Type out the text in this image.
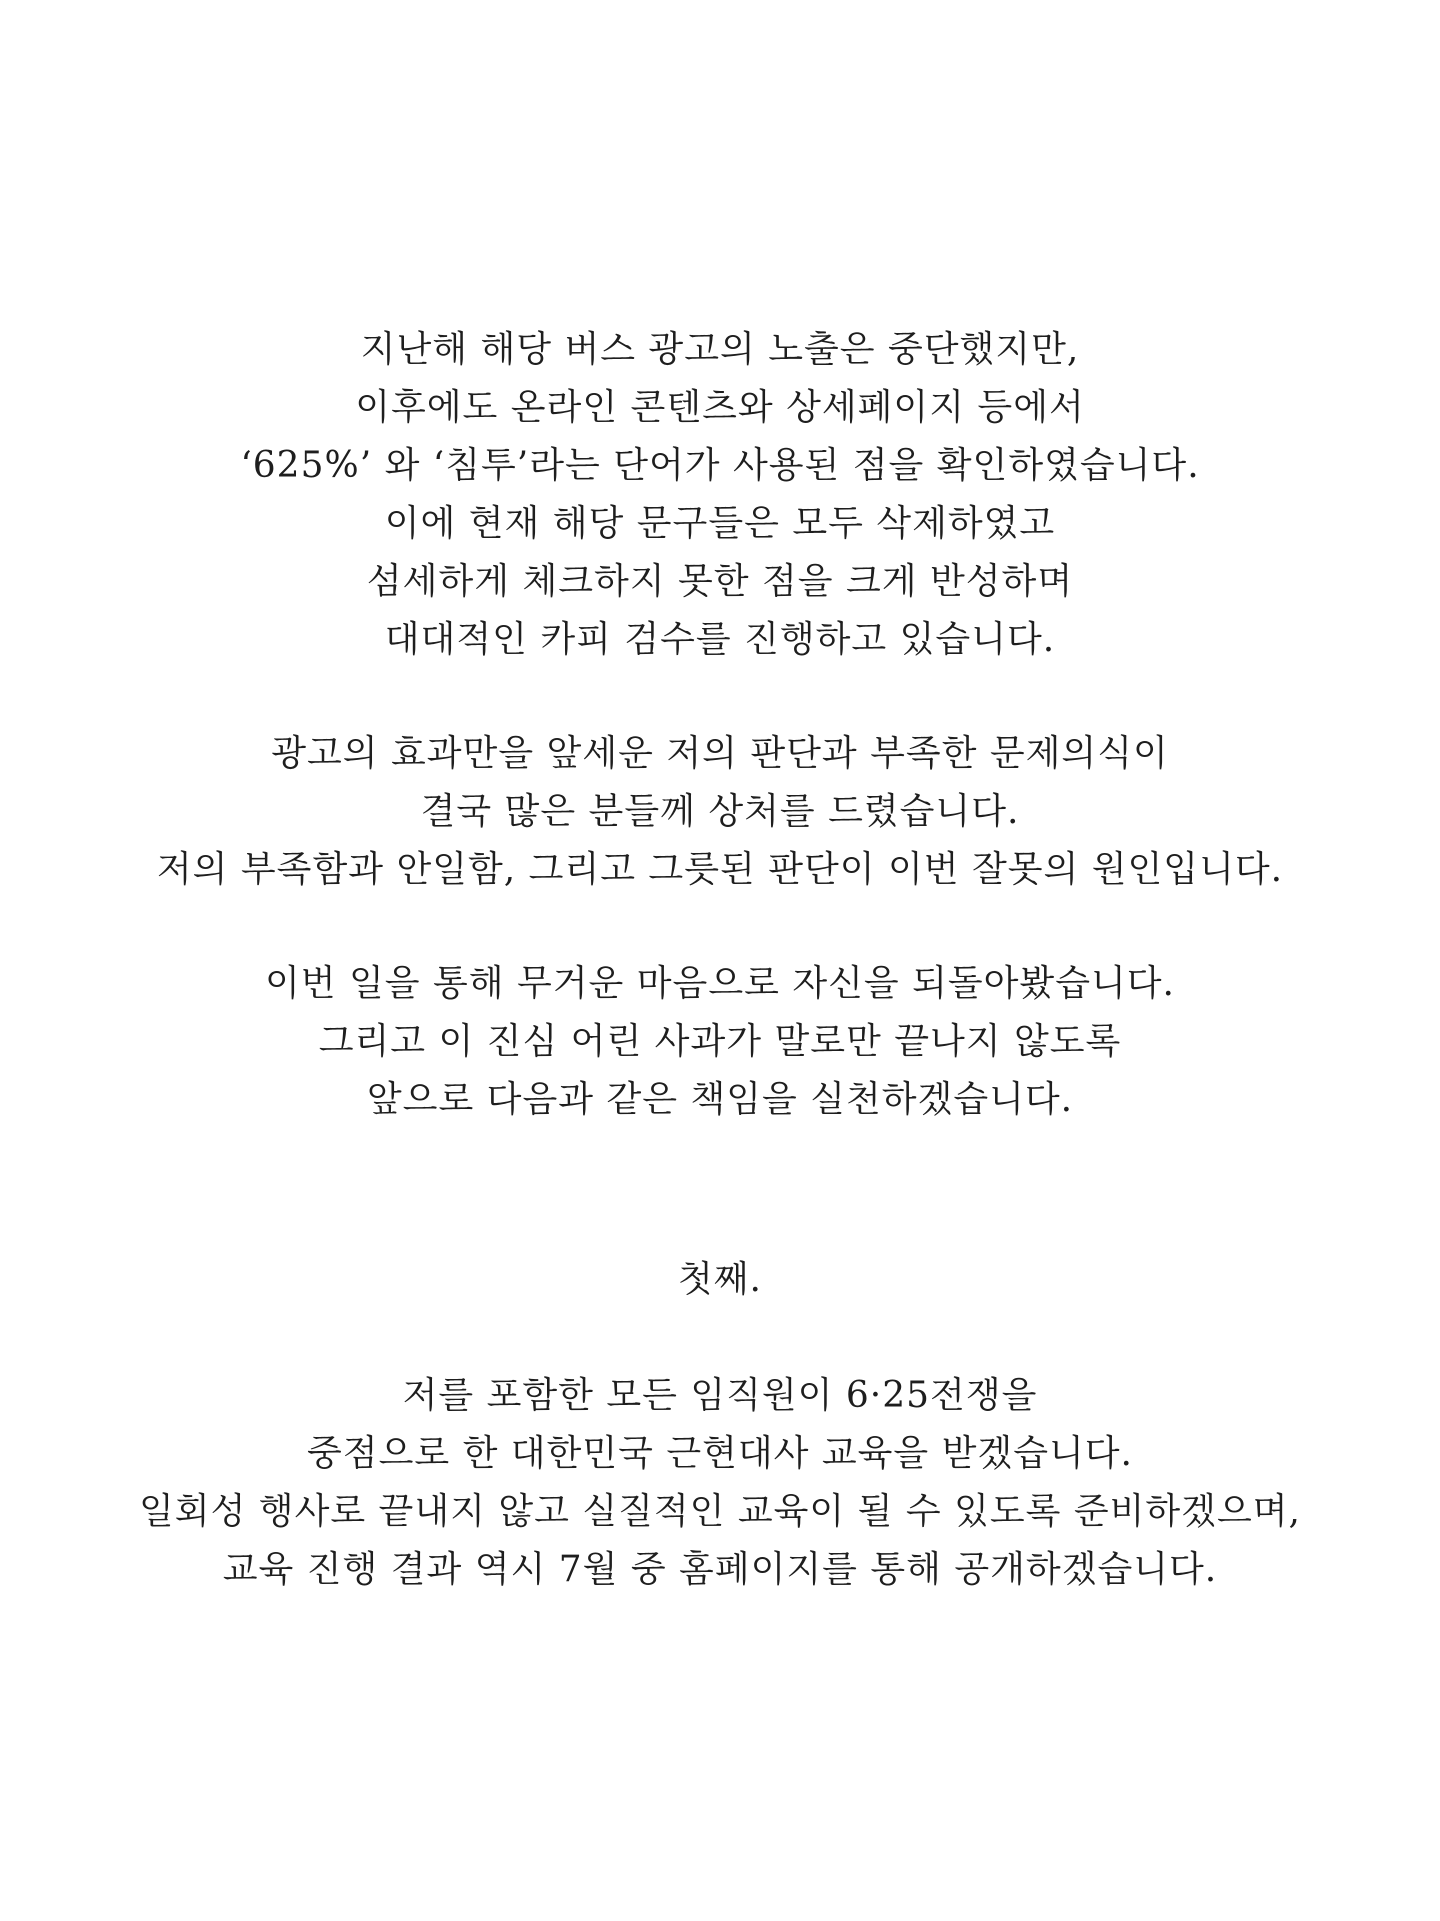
지난해 해당 버스 광고의 노출은 중단했지만,
이후에도 온라인 콘텐츠와 상세페이지 등에서
‘625%’ 와 ‘침투’라는 단어가 사용된 점을 확인하였습니다.
이에 현재 해당 문구들은 모두 삭제하였고
섬세하게 체크하지 못한 점을 크게 반성하며
대대적인 카피 검수를 진행하고 있습니다.
광고의 효과만을 앞세운 저의 판단과 부족한 문제의식이
결국 많은 분들께 상처를 드렸습니다.
저의 부족함과 안일함, 그리고 그릇된 판단이 이번 잘못의 원인입니다.
이번 일을 통해 무거운 마음으로 자신을 되돌아봤습니다.
그리고 이 진심 어린 사과가 말로만 끝나지 않도록
앞으로 다음과 같은 책임을 실천하겠습니다.
첫째.
저를 포함한 모든 임직원이 6·25전쟁을
중점으로 한 대한민국 근현대사 교육을 받겠습니다.
일회성 행사로 끝내지 않고 실질적인 교육이 될 수 있도록 준비하겠으며,
교육 진행 결과 역시 7월 중 홈페이지를 통해 공개하겠습니다.
